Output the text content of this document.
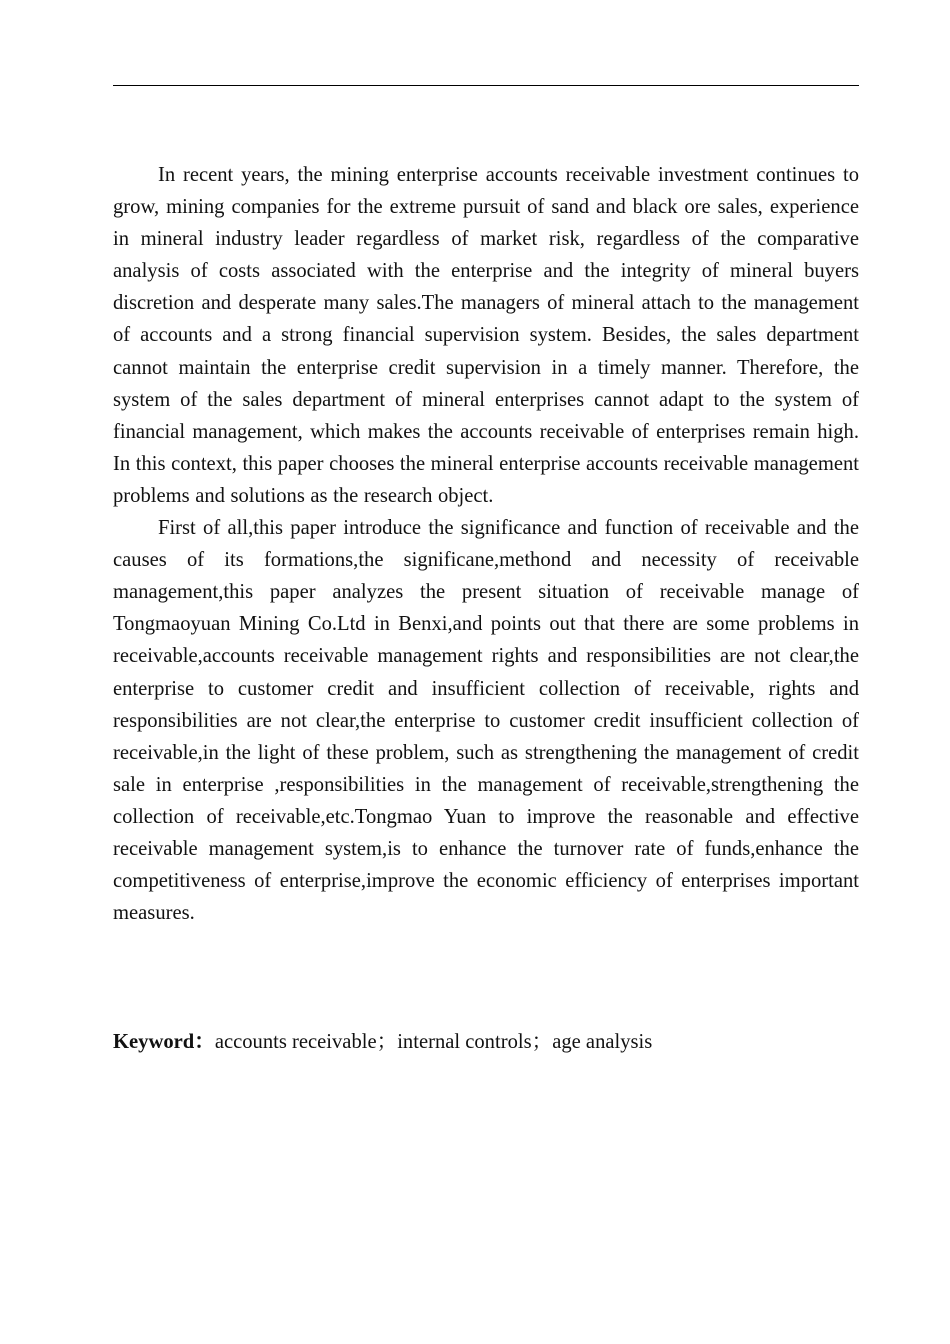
In recent years, the mining enterprise accounts receivable investment continues to grow, mining companies for the extreme pursuit of sand and black ore sales, experience in mineral industry leader regardless of market risk, regardless of the comparative analysis of costs associated with the enterprise and the integrity of mineral buyers discretion and desperate many sales.The managers of mineral attach to the management of accounts and a strong financial supervision system. Besides, the sales department cannot maintain the enterprise credit supervision in a timely manner. Therefore, the system of the sales department of mineral enterprises cannot adapt to the system of financial management, which makes the accounts receivable of enterprises remain high. In this context, this paper chooses the mineral enterprise accounts receivable management problems and solutions as the research object.

First of all,this paper introduce the significance and function of receivable and the causes of its formations,the significane,methond and necessity of receivable management,this paper analyzes the present situation of receivable manage of Tongmaoyuan Mining Co.Ltd in Benxi,and points out that there are some problems in receivable,accounts receivable management rights and responsibilities are not clear,the enterprise to customer credit and insufficient collection of receivable, rights and responsibilities are not clear,the enterprise to customer credit insufficient collection of receivable,in the light of these problem, such as strengthening the management of credit sale in enterprise ,responsibilities in the management of receivable,strengthening the collection of receivable,etc.Tongmao Yuan to improve the reasonable and effective receivable management system,is to enhance the turnover rate of funds,enhance the competitiveness of enterprise,improve the economic efficiency of enterprises important measures.

Keyword：accounts receivable；internal controls；age analysis
